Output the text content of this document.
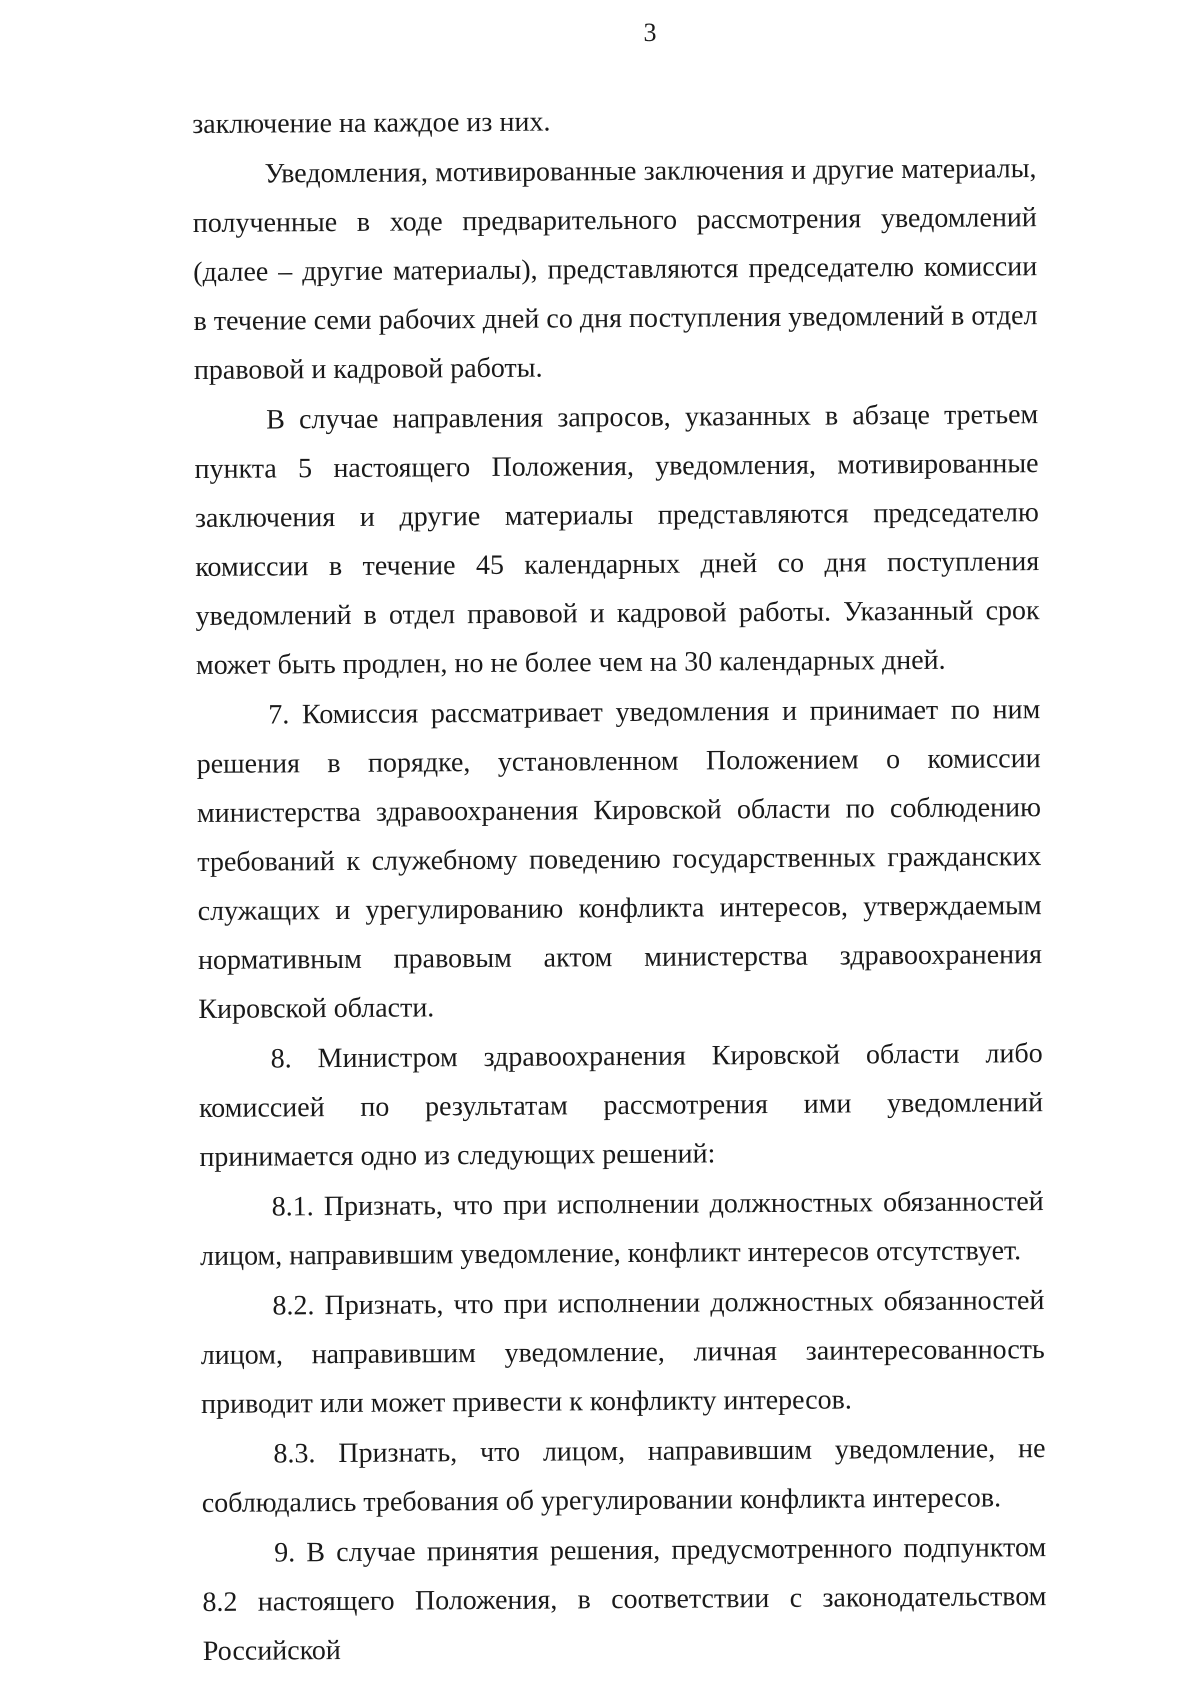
3

заключение на каждое из них.

Уведомления, мотивированные заключения и другие материалы, полученные в ходе предварительного рассмотрения уведомлений (далее – другие материалы), представляются председателю комиссии в течение семи рабочих дней со дня поступления уведомлений в отдел правовой и кадровой работы.

В случае направления запросов, указанных в абзаце третьем пункта 5 настоящего Положения, уведомления, мотивированные заключения и другие материалы представляются председателю комиссии в течение 45 календарных дней со дня поступления уведомлений в отдел правовой и кадровой работы. Указанный срок может быть продлен, но не более чем на 30 календарных дней.

7. Комиссия рассматривает уведомления и принимает по ним решения в порядке, установленном Положением о комиссии министерства здравоохранения Кировской области по соблюдению требований к служебному поведению государственных гражданских служащих и урегулированию конфликта интересов, утверждаемым нормативным правовым актом министерства здравоохранения Кировской области.

8. Министром здравоохранения Кировской области либо комиссией по результатам рассмотрения ими уведомлений принимается одно из следующих решений:

8.1. Признать, что при исполнении должностных обязанностей лицом, направившим уведомление, конфликт интересов отсутствует.

8.2. Признать, что при исполнении должностных обязанностей лицом, направившим уведомление, личная заинтересованность приводит или может привести к конфликту интересов.

8.3. Признать, что лицом, направившим уведомление, не соблюдались требования об урегулировании конфликта интересов.

9. В случае принятия решения, предусмотренного подпунктом 8.2 настоящего Положения, в соответствии с законодательством Российской
